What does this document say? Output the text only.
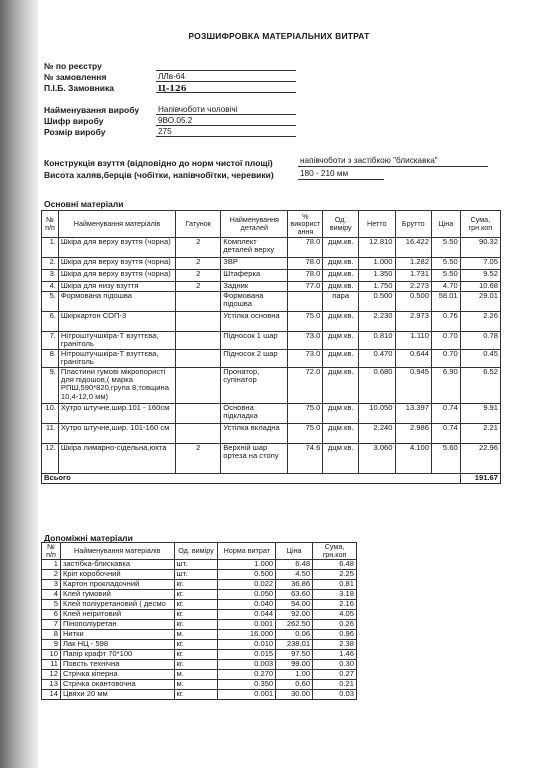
РОЗШИФРОВКА МАТЕРІАЛЬНИХ ВИТРАТ
№ по реєстру
№ замовлення	ЛЛв-64
П.І.Б. Замовника	Ц-126
Найменування виробу Напівчоботи чоловічі
Шифр виробу	9ВО.05.2
Розмір виробу	275
Конструкція взуття (відповідно до норм чистої площі)	напівчоботи з застібкою "блискавка"
Висота халяв,берців (чобітки, напівчобітки, черевики)	180 - 210 мм
Основні матеріали
№ п/п	Найменування матеріалів	Гатунок	Найменування деталей	% використ ання	Од. виміру	Нетто	Брутто	Ціна	Сума, грн.коп
1.	Шкіра для верху взуття (чорна)	2	Комплект деталей верху	78.0	дцм.кв.	12.810	16.422	5.50	90.32
2.	Шкіра для верху взуття (чорна)	2	ЗВР	78.0	дцм.кв.	1.000	1.282	5.50	7.05
3.	Шкіра для верху взуття (чорна)	2	Штаферка	78.0	дцм.кв.	1.350	1.731	5.50	9.52
4.	Шкіра для низу взуття	2	Задник	77.0	дцм.кв.	1.750	2.273	4.70	10.68
5.	Формована підошва		Формована підошва		пара	0.500	0.500	58.01	29.01
6.	Шкіркартон СОП-3		Устілка основна	75.0	дцм.кв.	2.230	2.973	0.76	2.26
7.	Нітроштучшкіра-Т взуттєва, гранітоль		Підносок 1 шар	73.0	дцм.кв.	0.810	1.110	0.70	0.78
8.	Нітроштучшкіра-Т взуттєва, гранітоль		Підносок 2 шар	73.0	дцм.кв.	0.470	0.644	0.70	0.45
9.	Пластини гумові мікропористі для підошов,( марка РПШ,590*820,група 8,товщина 10,4-12,0 мм)		Пронатор, супінатор	72.0	дцм.кв.	0.680	0.945	6.90	6.52
10.	Хутро штучне,шир.101 - 160см		Основна підкладка	75.0	дцм.кв.	10.050	13.397	0.74	9.91
11.	Хутро штучне,шир. 101-160 см		Устілка вкладна	75.0	дцм.кв.	2.240	2.986	0.74	2.21
12.	Шкіра лимарно-сідельна,юхта	2	Верхній шар ортеза на стопу	74.6	дцм.кв.	3.060	4.100	5.60	22.96
Всього									191.67
Допоміжні матеріали
№ п/п	Найменування матеріалів	Од. виміру	Норма витрат	Ціна	Сума, грн.коп
1	застібка-блискавка	шт.	1.000	6.48	6.48
2	Кріп коробочний	шт.	0.500	4.50	2.25
3	Картон прокладочний	кг.	0.022	36.86	0.81
4	Клей гумовий	кг.	0.050	63.60	3.18
5	Клей поліуретановий ( десмо	кг.	0.040	54.00	2.16
6	Клей неіритовий	кг.	0.044	92.00	4.05
7	Пінополіуретан	кг.	0.001	262.50	0.26
8	Нитки	м.	16.000	0.06	0.96
9	Лак НЦ - 598	кг.	0.010	238.01	2.38
10	Папір крафт 70*100	кг.	0.015	97.50	1.46
11	Повсть технічна	кг.	0.003	99.00	0.30
12	Стрічка кіперна	м.	0.270	1.00	0.27
13	Стрічка окантовочна	м.	0.350	0.60	0.21
14	Цвяхи 20 мм	кг.	0.001	30.00	0.03
